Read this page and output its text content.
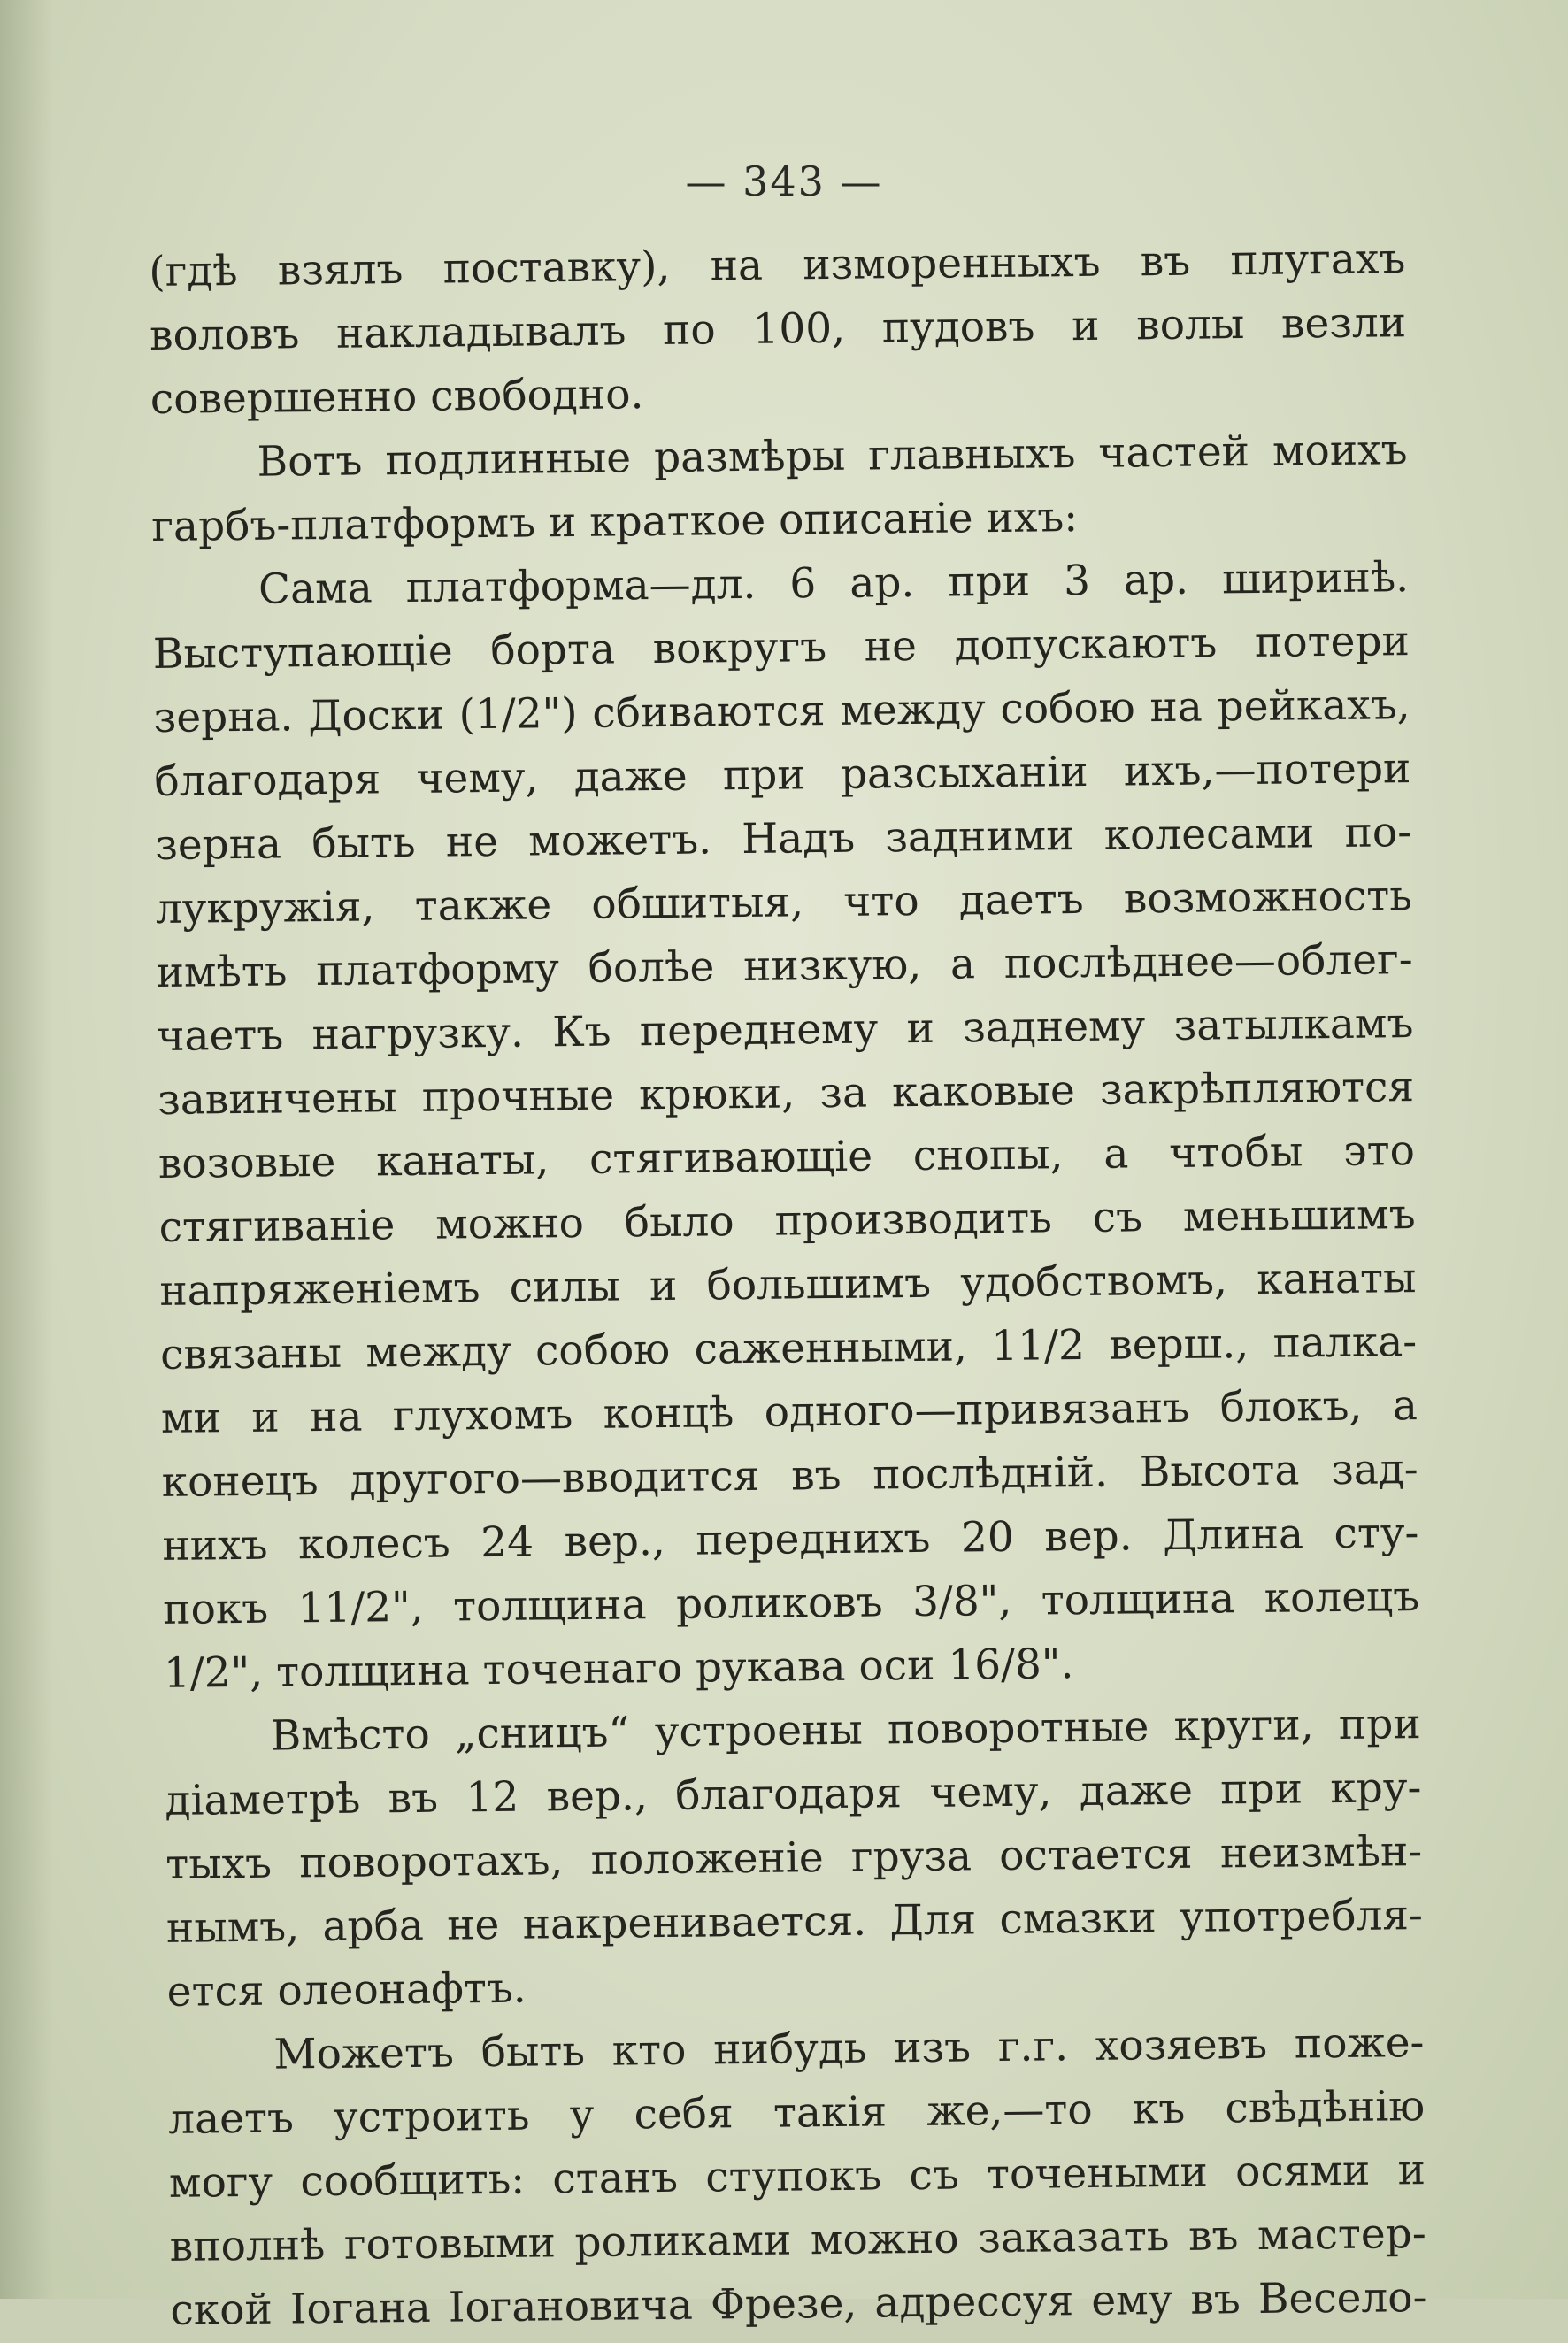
— 343 —
(гдѣ взялъ поставку), на изморенныхъ въ плугахъ
воловъ накладывалъ по 100, пудовъ и волы везли
совершенно свободно.
Вотъ подлинные размѣры главныхъ частей моихъ
гарбъ-платформъ и краткое описанiе ихъ:
Сама платформа—дл. 6 ар. при 3 ар. ширинѣ.
Выступающiе борта вокругъ не допускаютъ потери
зерна. Доски (1/2") сбиваются между собою на рейкахъ,
благодаря чему, даже при разсыханiи ихъ,—потери
зерна быть не можетъ. Надъ задними колесами по-
лукружiя, также обшитыя, что даетъ возможность
имѣть платформу болѣе низкую, а послѣднее—облег-
чаетъ нагрузку. Къ переднему и заднему затылкамъ
завинчены прочные крюки, за каковые закрѣпляются
возовые канаты, стягивающiе снопы, а чтобы это
стягиванiе можно было производить съ меньшимъ
напряженiемъ силы и большимъ удобствомъ, канаты
связаны между собою саженными, 11/2 верш., палка-
ми и на глухомъ концѣ одного—привязанъ блокъ, а
конецъ другого—вводится въ послѣднiй. Высота зад-
нихъ колесъ 24 вер., переднихъ 20 вер. Длина сту-
покъ 11/2", толщина роликовъ 3/8", толщина колецъ
1/2", толщина точенаго рукава оси 16/8".
Вмѣсто „сницъ“ устроены поворотные круги, при
дiаметрѣ въ 12 вер., благодаря чему, даже при кру-
тыхъ поворотахъ, положенiе груза остается неизмѣн-
нымъ, арба не накрениваетcя. Для смазки употребля-
ется олеонафтъ.
Можетъ быть кто нибудь изъ г.г. хозяевъ поже-
лаетъ устроить у себя такiя же,—то къ свѣдѣнiю
могу сообщить: станъ ступокъ съ точеными осями и
вполнѣ готовыми роликами можно заказать въ мастер-
ской Iогана Iогановича Фрезе, адрессуя ему въ Весело-
